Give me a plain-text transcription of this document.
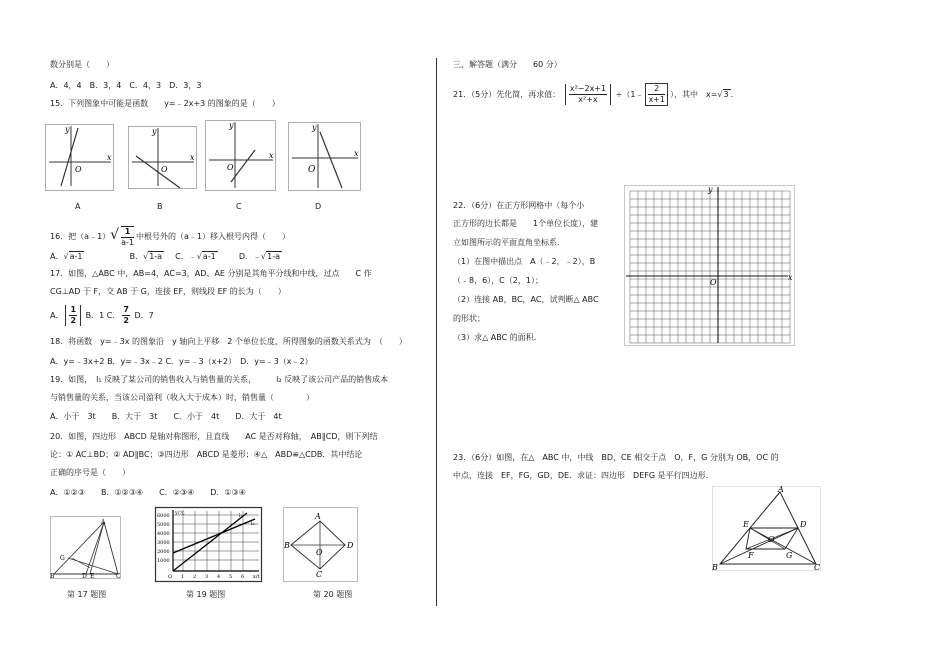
数分别是（　　）
A．4，4　B．3，4　C．4，3　D．3，3
15．下列图象中可能是函数　　y=﹣2x+3 的图象的是（　　）
y
x
O
y
x
O
y
x
O
y
x
O
A	B	C	D
16．把（a﹣1）√ $\frac{1}{a-1}$ 中根号外的（a﹣1）移入根号内得（　　）
A．√a-1	B．√1-a C．﹣√a-1	D．﹣√1-a
17．如图，△ABC 中，AB=4，AC=3，AD、AE 分别是其角平分线和中线，过点　　C 作
CG⊥AD 于 F，交 AB 于 G，连接 EF，则线段 EF 的长为（　　）
A． $\frac{1}{2}$ B．1 C． $\frac{7}{2}$ D．7
18．将函数　y=﹣3x 的图象沿　y 轴向上平移　2 个单位长度，所得图象的函数关系式为　（　　）
A．y=﹣3x+2 B．y=﹣3x﹣2 C．y=﹣3（x+2）　D．y=﹣3（x﹣2）
19．如图，　l₁ 反映了某公司的销售收入与销售量的关系，　　　l₂ 反映了该公司产品的销售成本
与销售量的关系，当该公司盈利（收入大于成本）时，销售量（　　　　）
A．小于　3t　　B．大于　3t　　C．小于　4t　　D．大于　4t
20．如图，四边形　ABCD 是轴对称图形，且直线　　AC 是否对称轴，　AB∥CD，则下列结
论：① AC⊥BD；② AD∥BC；③四边形　ABCD 是菱形；④△　ABD≌△CDB．其中结论
正确的序号是（　　）
A．①②③　　B．①②③④　　C．②③④　　D．①③④
A
G
B	D E	C
6000
5000
4000
3000
2000
1000
1 2 3 4 5 6
y/元
x/t
O
l₁
l₂
A
B
O
D
C
第 17 题图	第 19 题图	第 20 题图
三、解答题（满分　　60 分）
21．（5分）先化简，再求值： $\frac{\text{x²−2x+1}}{\text{x²+x}}$ ÷（1﹣ $\frac{2}{x+1}$ ），其中　x=√3 ．
22．（6分）在正方形网格中（每个小
正方形的边长都是　　1个单位长度），建
立如图所示的平面直角坐标系．
（1）在图中描出点　A（﹣2，﹣2），B
（﹣8，6），C（2，1）；
（2）连接 AB，BC，AC，试判断△ ABC
的形状；
（3）求△ ABC 的面积．
x
y
O
23．（6分）如图，在△　ABC 中，中线　BD，CE 相交于点　O，F，G 分别为 OB，OC 的
中点，连接　EF，FG，GD，DE．求证：四边形　DEFG 是平行四边形．
A
E	D
O
F	G
B	C
